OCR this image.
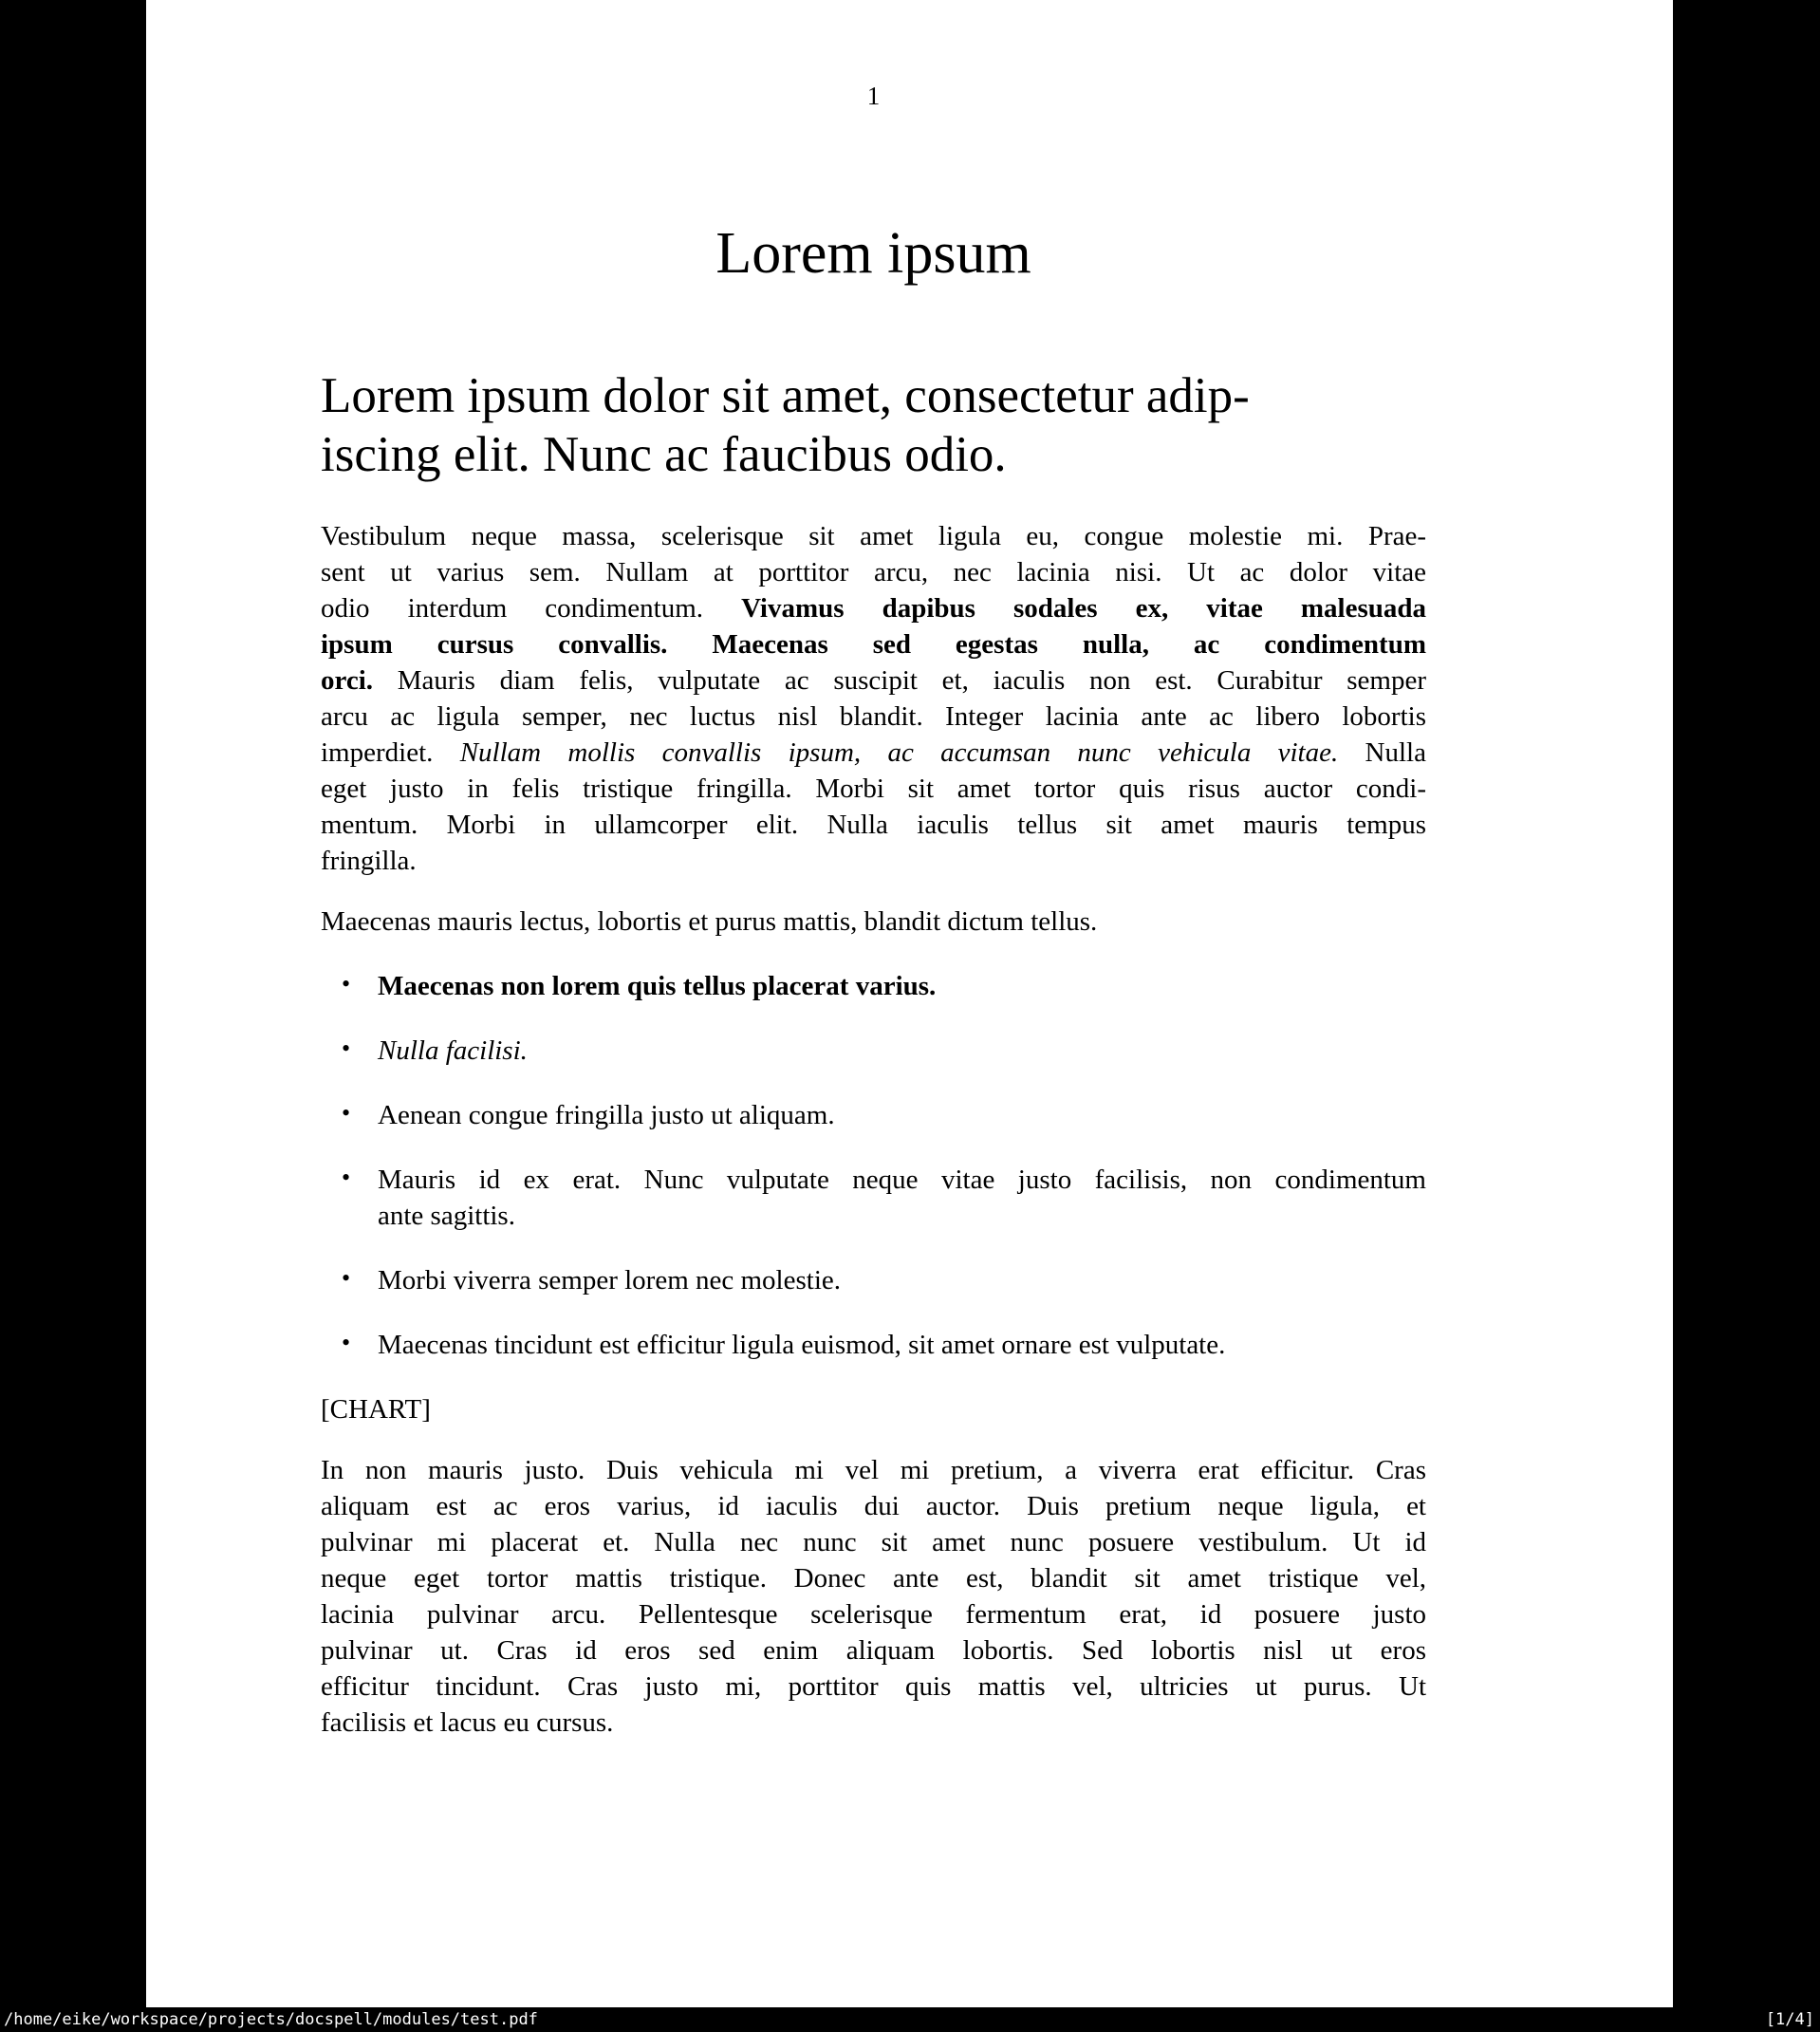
1
Lorem ipsum
Lorem ipsum dolor sit amet, consectetur adip-
iscing elit. Nunc ac faucibus odio.
Vestibulum neque massa, scelerisque sit amet ligula eu, congue molestie mi. Prae-
sent ut varius sem. Nullam at porttitor arcu, nec lacinia nisi. Ut ac dolor vitae
odio interdum condimentum. Vivamus dapibus sodales ex, vitae malesuada
ipsum cursus convallis. Maecenas sed egestas nulla, ac condimentum
orci. Mauris diam felis, vulputate ac suscipit et, iaculis non est. Curabitur semper
arcu ac ligula semper, nec luctus nisl blandit. Integer lacinia ante ac libero lobortis
imperdiet. Nullam mollis convallis ipsum, ac accumsan nunc vehicula vitae. Nulla
eget justo in felis tristique fringilla. Morbi sit amet tortor quis risus auctor condi-
mentum. Morbi in ullamcorper elit. Nulla iaculis tellus sit amet mauris tempus
fringilla.
Maecenas mauris lectus, lobortis et purus mattis, blandit dictum tellus.
• Maecenas non lorem quis tellus placerat varius.
• Nulla facilisi.
• Aenean congue fringilla justo ut aliquam.
• Mauris id ex erat. Nunc vulputate neque vitae justo facilisis, non condimentum
ante sagittis.
• Morbi viverra semper lorem nec molestie.
• Maecenas tincidunt est efficitur ligula euismod, sit amet ornare est vulputate.
[CHART]
In non mauris justo. Duis vehicula mi vel mi pretium, a viverra erat efficitur. Cras
aliquam est ac eros varius, id iaculis dui auctor. Duis pretium neque ligula, et
pulvinar mi placerat et. Nulla nec nunc sit amet nunc posuere vestibulum. Ut id
neque eget tortor mattis tristique. Donec ante est, blandit sit amet tristique vel,
lacinia pulvinar arcu. Pellentesque scelerisque fermentum erat, id posuere justo
pulvinar ut. Cras id eros sed enim aliquam lobortis. Sed lobortis nisl ut eros
efficitur tincidunt. Cras justo mi, porttitor quis mattis vel, ultricies ut purus. Ut
facilisis et lacus eu cursus.
/home/eike/workspace/projects/docspell/modules/test.pdf	[1/4]
